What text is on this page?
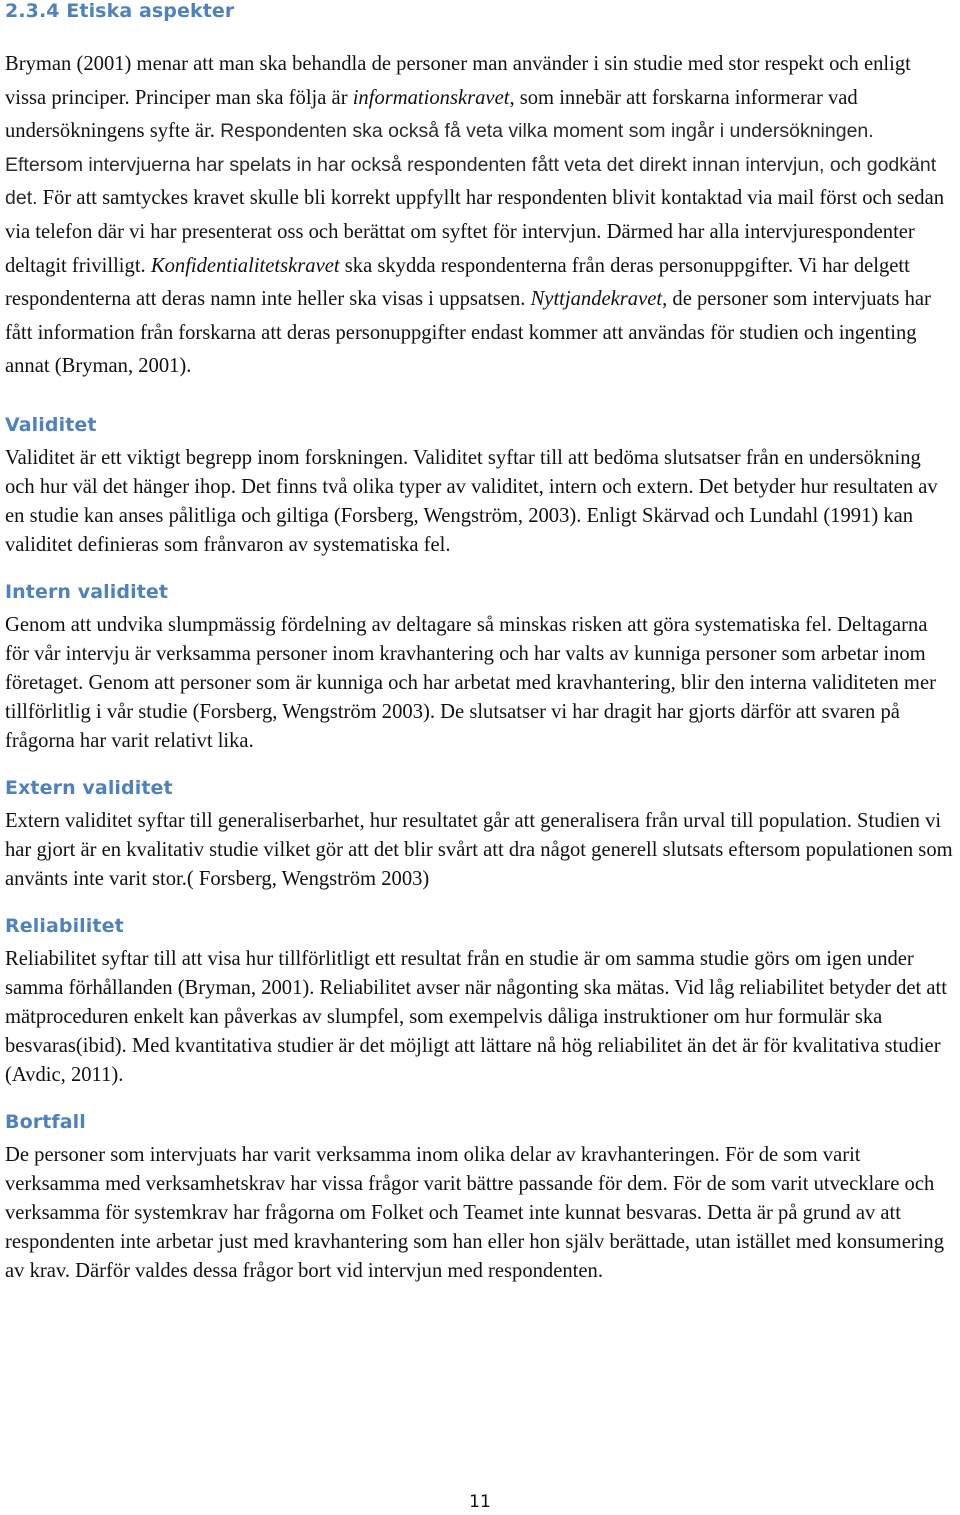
2.3.4 Etiska aspekter

Bryman (2001) menar att man ska behandla de personer man använder i sin studie med stor respekt och enligt vissa principer. Principer man ska följa är informationskravet, som innebär att forskarna informerar vad undersökningens syfte är. Respondenten ska också få veta vilka moment som ingår i undersökningen. Eftersom intervjuerna har spelats in har också respondenten fått veta det direkt innan intervjun, och godkänt det. För att samtyckes kravet skulle bli korrekt uppfyllt har respondenten blivit kontaktad via mail först och sedan via telefon där vi har presenterat oss och berättat om syftet för intervjun. Därmed har alla intervjurespondenter deltagit frivilligt. Konfidentialitetskravet ska skydda respondenterna från deras personuppgifter. Vi har delgett respondenterna att deras namn inte heller ska visas i uppsatsen. Nyttjandekravet, de personer som intervjuats har fått information från forskarna att deras personuppgifter endast kommer att användas för studien och ingenting annat (Bryman, 2001).

Validitet

Validitet är ett viktigt begrepp inom forskningen. Validitet syftar till att bedöma slutsatser från en undersökning och hur väl det hänger ihop. Det finns två olika typer av validitet, intern och extern. Det betyder hur resultaten av en studie kan anses pålitliga och giltiga (Forsberg, Wengström, 2003). Enligt Skärvad och Lundahl (1991) kan validitet definieras som frånvaron av systematiska fel.

Intern validitet

Genom att undvika slumpmässig fördelning av deltagare så minskas risken att göra systematiska fel. Deltagarna för vår intervju är verksamma personer inom kravhantering och har valts av kunniga personer som arbetar inom företaget. Genom att personer som är kunniga och har arbetat med kravhantering, blir den interna validiteten mer tillförlitlig i vår studie (Forsberg, Wengström 2003). De slutsatser vi har dragit har gjorts därför att svaren på frågorna har varit relativt lika.

Extern validitet

Extern validitet syftar till generaliserbarhet, hur resultatet går att generalisera från urval till population. Studien vi har gjort är en kvalitativ studie vilket gör att det blir svårt att dra något generell slutsats eftersom populationen som använts inte varit stor.( Forsberg, Wengström 2003)

Reliabilitet

Reliabilitet syftar till att visa hur tillförlitligt ett resultat från en studie är om samma studie görs om igen under samma förhållanden (Bryman, 2001). Reliabilitet avser när någonting ska mätas. Vid låg reliabilitet betyder det att mätproceduren enkelt kan påverkas av slumpfel, som exempelvis dåliga instruktioner om hur formulär ska besvaras(ibid). Med kvantitativa studier är det möjligt att lättare nå hög reliabilitet än det är för kvalitativa studier (Avdic, 2011).

Bortfall

De personer som intervjuats har varit verksamma inom olika delar av kravhanteringen. För de som varit verksamma med verksamhetskrav har vissa frågor varit bättre passande för dem. För de som varit utvecklare och verksamma för systemkrav har frågorna om Folket och Teamet inte kunnat besvaras. Detta är på grund av att respondenten inte arbetar just med kravhantering som han eller hon själv berättade, utan istället med konsumering av krav. Därför valdes dessa frågor bort vid intervjun med respondenten.

11
